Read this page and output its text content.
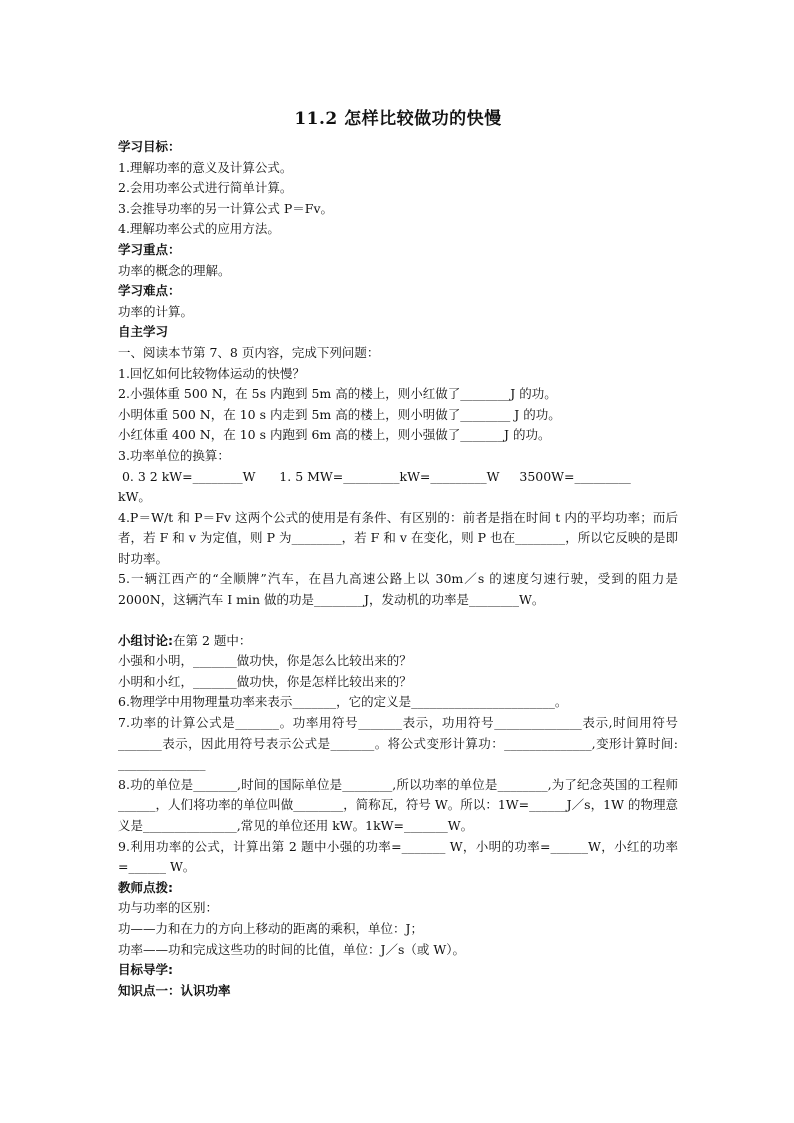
11.2 怎样比较做功的快慢
学习目标：
1.理解功率的意义及计算公式。
2.会用功率公式进行简单计算。
3.会推导功率的另一计算公式 P＝Fv。
4.理解功率公式的应用方法。
学习重点：
功率的概念的理解。
学习难点：
功率的计算。
自主学习
一、阅读本节第 7、8 页内容，完成下列问题：
1.回忆如何比较物体运动的快慢？
2.小强体重 500 N，在 5s 内跑到 5m 高的楼上，则小红做了________J 的功。
小明体重 500 N，在 10 s 内走到 5m 高的楼上，则小明做了________ J 的功。
小红体重 400 N，在 10 s 内跑到 6m 高的楼上，则小强做了_______J 的功。
3.功率单位的换算：
0. 3 2 kW=________W      1. 5 MW=_________kW=_________W     3500W=_________
kW。
4.P＝W/t 和 P＝Fv 这两个公式的使用是有条件、有区别的：前者是指在时间 t 内的平均功率；而后者，若 F 和 v 为定值，则 P 为________，若 F 和 v 在变化，则 P 也在________，所以它反映的是即时功率。
5.一辆江西产的“全顺牌”汽车，在昌九高速公路上以 30m／s 的速度匀速行驶，受到的阻力是 2000N，这辆汽车 I min 做的功是________J，发动机的功率是________W。
小组讨论:在第 2 题中：
小强和小明，_______做功快，你是怎么比较出来的？
小明和小红，_______做功快，你是怎样比较出来的？
6.物理学中用物理量功率来表示_______，它的定义是_______________________。
7.功率的计算公式是_______。功率用符号_______表示，功用符号______________表示,时间用符号_______表示，因此用符号表示公式是_______。将公式变形计算功：______________,变形计算时间: ______________
8.功的单位是_______,时间的国际单位是________,所以功率的单位是________,为了纪念英国的工程师______，人们将功率的单位叫做________，简称瓦，符号 W。所以：1W=______J／s，1W 的物理意义是_______________,常见的单位还用 kW。1kW=_______W。
9.利用功率的公式，计算出第 2 题中小强的功率=_______ W，小明的功率=______W，小红的功率=______ W。
教师点拨:
功与功率的区别：
功——力和在力的方向上移动的距离的乘积，单位：J；
功率——功和完成这些功的时间的比值，单位：J／s（或 W）。
目标导学:
知识点一：认识功率
